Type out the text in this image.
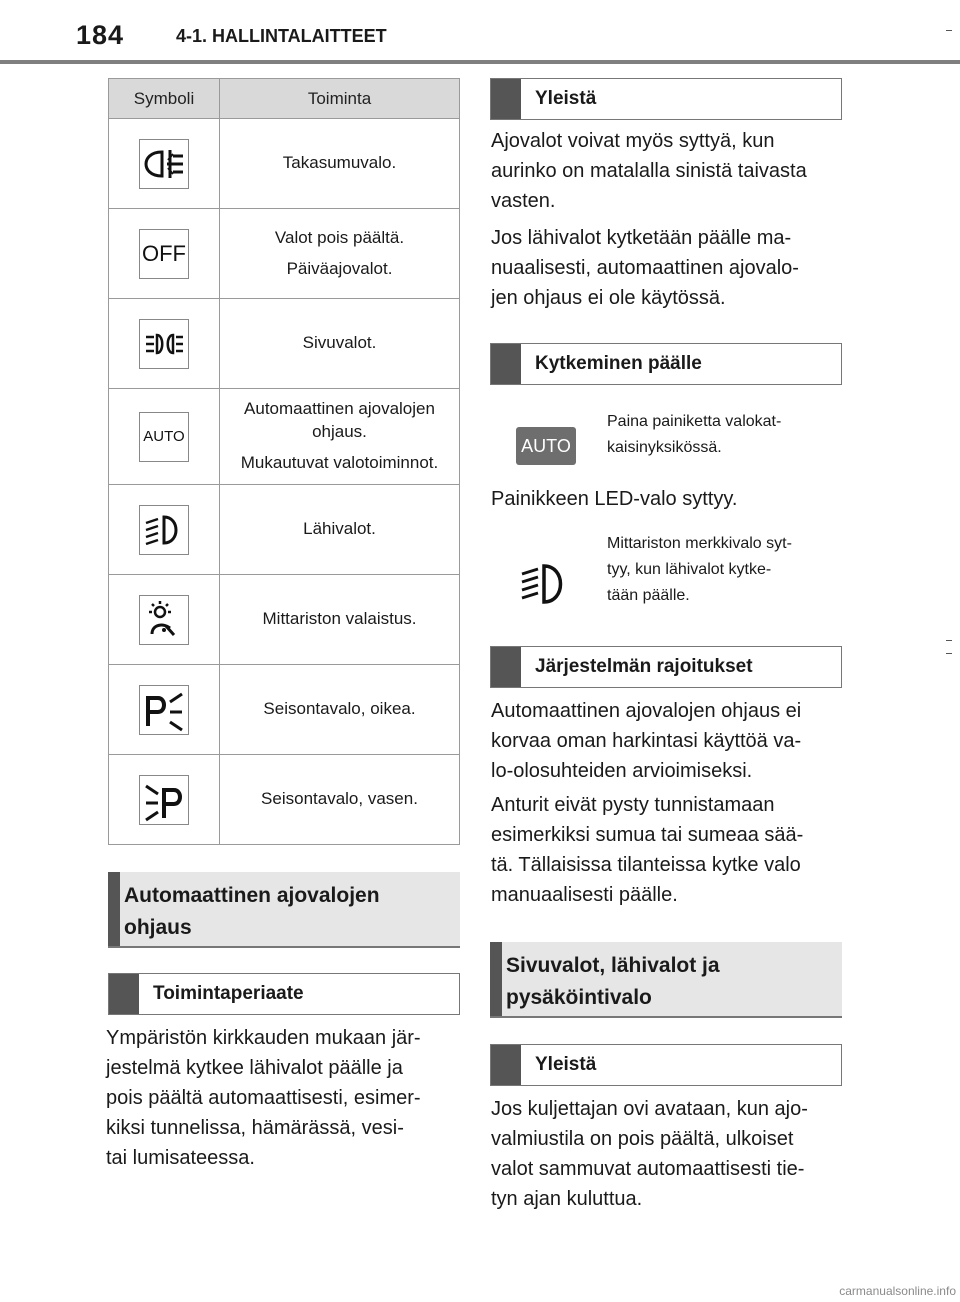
184	4-1. HALLINTALAITTEET
Symboli	Toiminta

Takasumuvalo.

OFF	Valot pois päältä.

Päiväajovalot.

Sivuvalot.

AUTO	Automaattinen ajovalojen ohjaus.

Mukautuvat valotoiminnot.

Lähivalot.

Mittariston valaistus.

Seisontavalo, oikea.

Seisontavalo, vasen.

Automaattinen ajovalojen
ohjaus
Toimintaperiaate
Ympäristön kirkkauden mukaan jär-
jestelmä kytkee lähivalot päälle ja
pois päältä automaattisesti, esimer-
kiksi tunnelissa, hämärässä, vesi-
tai lumisateessa.
Yleistä
Ajovalot voivat myös syttyä, kun
aurinko on matalalla sinistä taivasta
vasten.
Jos lähivalot kytketään päälle ma-
nuaalisesti, automaattinen ajovalo-
jen ohjaus ei ole käytössä.
Kytkeminen päälle
AUTO
Paina painiketta valokat-
kaisinyksikössä.
Painikkeen LED-valo syttyy.
Mittariston merkkivalo syt-
tyy, kun lähivalot kytke-
tään päälle.
Järjestelmän rajoitukset
Automaattinen ajovalojen ohjaus ei
korvaa oman harkintasi käyttöä va-
lo-olosuhteiden arvioimiseksi.
Anturit eivät pysty tunnistamaan
esimerkiksi sumua tai sumeaa sää-
tä. Tällaisissa tilanteissa kytke valo
manuaalisesti päälle.
Sivuvalot, lähivalot ja
pysäköintivalo
Yleistä
Jos kuljettajan ovi avataan, kun ajo-
valmiustila on pois päältä, ulkoiset
valot sammuvat automaattisesti tie-
tyn ajan kuluttua.
carmanualsonline.info
